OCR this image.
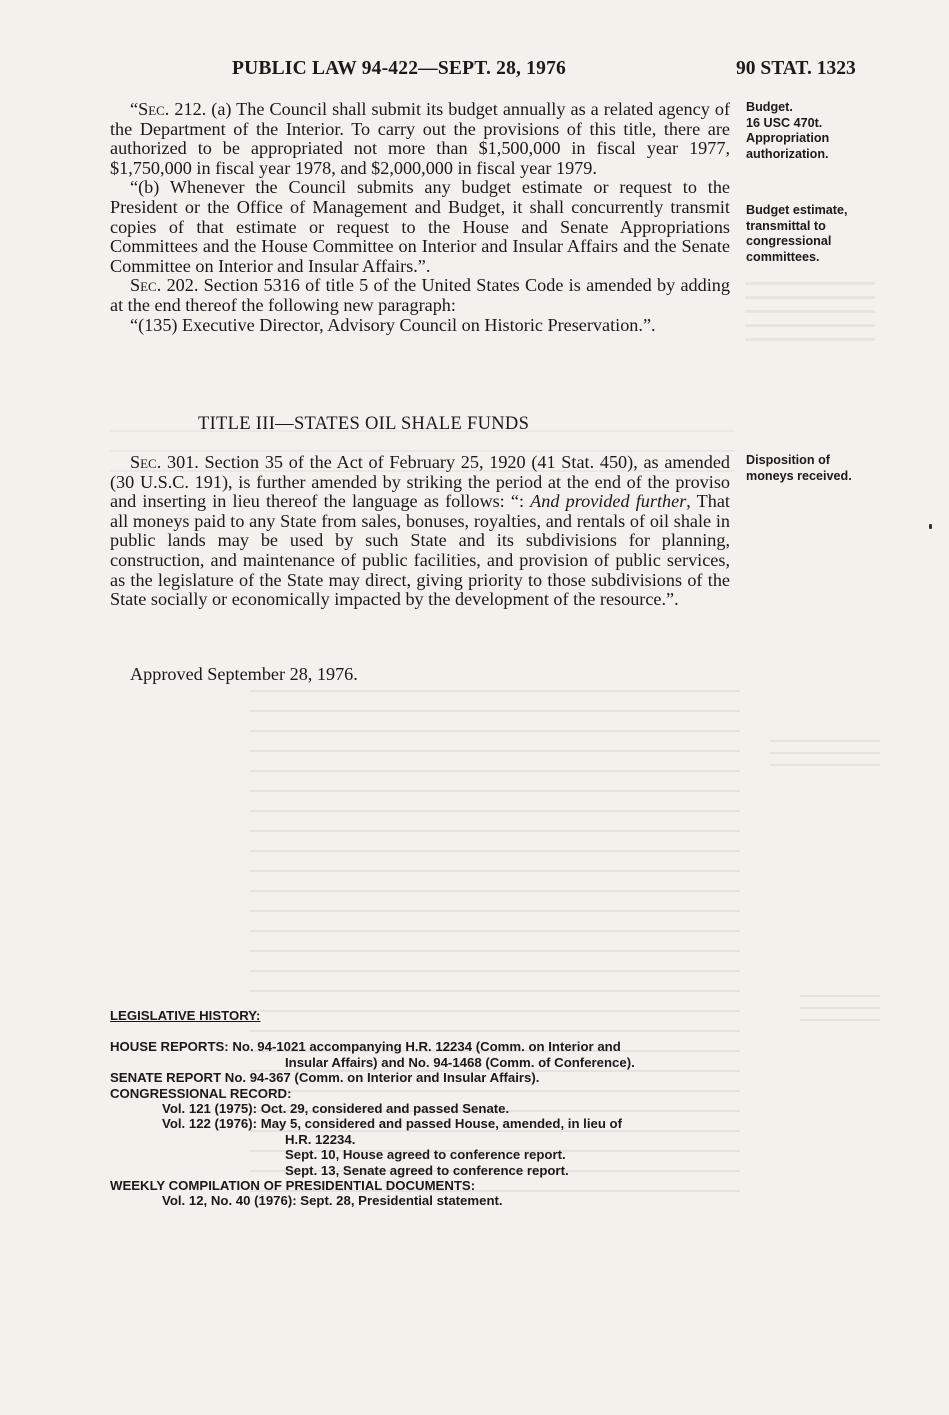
PUBLIC LAW 94-422—SEPT. 28, 1976	90 STAT. 1323

“Sec. 212. (a) The Council shall submit its budget annually as a related agency of the Department of the Interior. To carry out the provisions of this title, there are authorized to be appropriated not more than $1,500,000 in fiscal year 1977, $1,750,000 in fiscal year 1978, and $2,000,000 in fiscal year 1979.

“(b) Whenever the Council submits any budget estimate or request to the President or the Office of Management and Budget, it shall concurrently transmit copies of that estimate or request to the House and Senate Appropriations Committees and the House Committee on Interior and Insular Affairs and the Senate Committee on Interior and Insular Affairs.”.

Sec. 202. Section 5316 of title 5 of the United States Code is amended by adding at the end thereof the following new paragraph:

“(135) Executive Director, Advisory Council on Historic Preservation.”.

TITLE III—STATES OIL SHALE FUNDS

Sec. 301. Section 35 of the Act of February 25, 1920 (41 Stat. 450), as amended (30 U.S.C. 191), is further amended by striking the period at the end of the proviso and inserting in lieu thereof the language as follows: “: And provided further, That all moneys paid to any State from sales, bonuses, royalties, and rentals of oil shale in public lands may be used by such State and its subdivisions for planning, construction, and maintenance of public facilities, and provision of public services, as the legislature of the State may direct, giving priority to those subdivisions of the State socially or economically impacted by the development of the resource.”.

Approved September 28, 1976.
Budget.
16 USC 470t.
Appropriation
authorization.
Budget estimate,
transmittal to
congressional
committees.
Disposition of
moneys received.
LEGISLATIVE HISTORY:
HOUSE REPORTS: No. 94-1021 accompanying H.R. 12234 (Comm. on Interior and
Insular Affairs) and No. 94-1468 (Comm. of Conference).
SENATE REPORT No. 94-367 (Comm. on Interior and Insular Affairs).
CONGRESSIONAL RECORD:
Vol. 121 (1975): Oct. 29, considered and passed Senate.
Vol. 122 (1976): May 5, considered and passed House, amended, in lieu of
H.R. 12234.
Sept. 10, House agreed to conference report.
Sept. 13, Senate agreed to conference report.
WEEKLY COMPILATION OF PRESIDENTIAL DOCUMENTS:
Vol. 12, No. 40 (1976): Sept. 28, Presidential statement.
